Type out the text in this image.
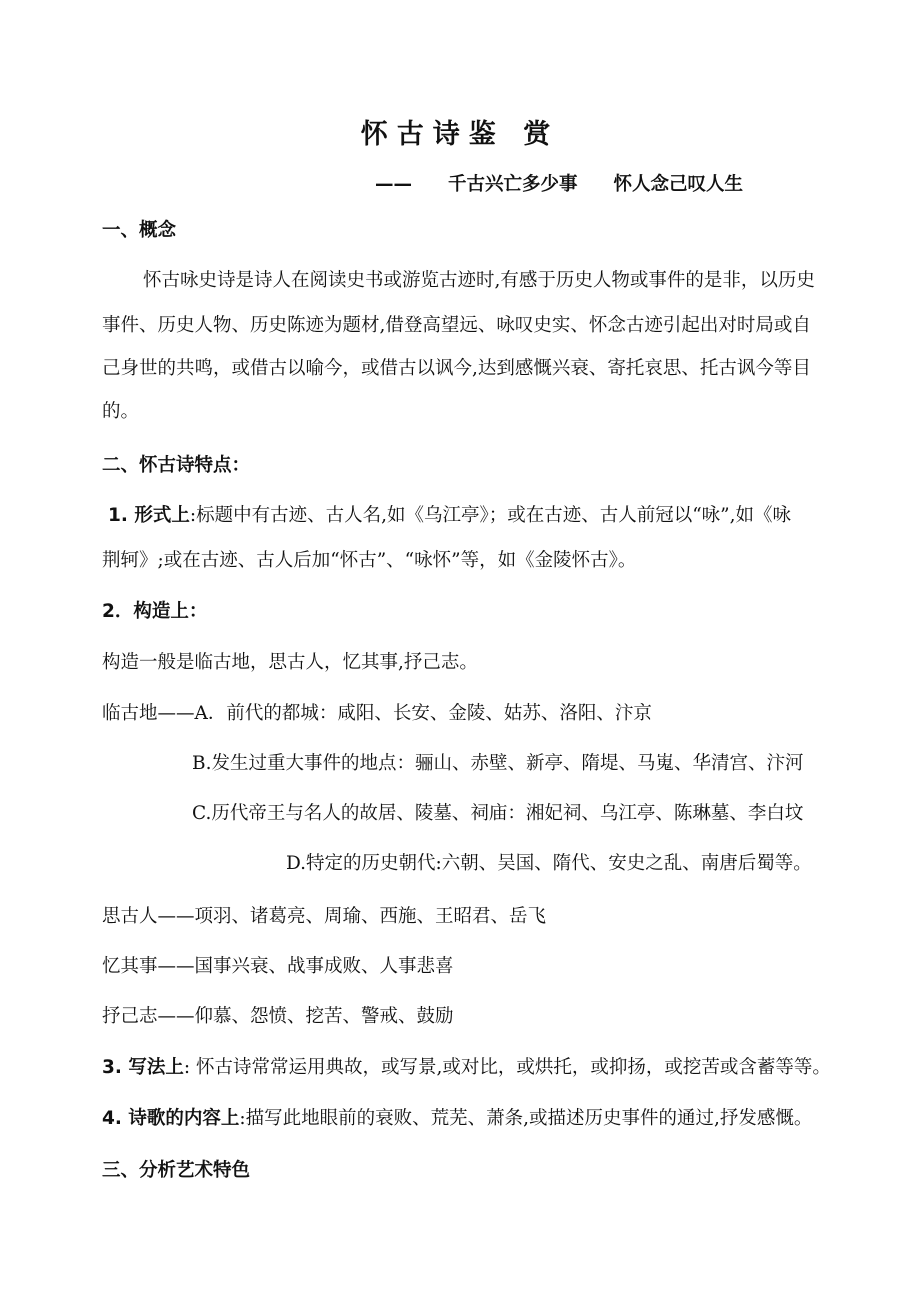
怀古诗鉴 赏
—— 千古兴亡多少事 怀人念己叹人生
一、概念
怀古咏史诗是诗人在阅读史书或游览古迹时,有感于历史人物或事件的是非，以历史
事件、历史人物、历史陈迹为题材,借登高望远、咏叹史实、怀念古迹引起出对时局或自
己身世的共鸣，或借古以喻今，或借古以讽今,达到感慨兴衰、寄托哀思、托古讽今等目
的。
二、怀古诗特点：
1. 形式上:标题中有古迹、古人名,如《乌江亭》；或在古迹、古人前冠以“咏”,如《咏
荆轲》;或在古迹、古人后加“怀古”、“咏怀”等，如《金陵怀古》。
2．构造上：
构造一般是临古地，思古人，忆其事,抒己志。
临古地——A．前代的都城：咸阳、长安、金陵、姑苏、洛阳、汴京
B.发生过重大事件的地点：骊山、赤壁、新亭、隋堤、马嵬、华清宫、汴河
C.历代帝王与名人的故居、陵墓、祠庙：湘妃祠、乌江亭、陈琳墓、李白坟
D.特定的历史朝代:六朝、吴国、隋代、安史之乱、南唐后蜀等。
思古人——项羽、诸葛亮、周瑜、西施、王昭君、岳飞
忆其事——国事兴衰、战事成败、人事悲喜
抒己志——仰慕、怨愤、挖苦、警戒、鼓励
3. 写法上: 怀古诗常常运用典故，或写景,或对比，或烘托，或抑扬，或挖苦或含蓄等等。
4. 诗歌的内容上:描写此地眼前的衰败、荒芜、萧条,或描述历史事件的通过,抒发感慨。
三、分析艺术特色
